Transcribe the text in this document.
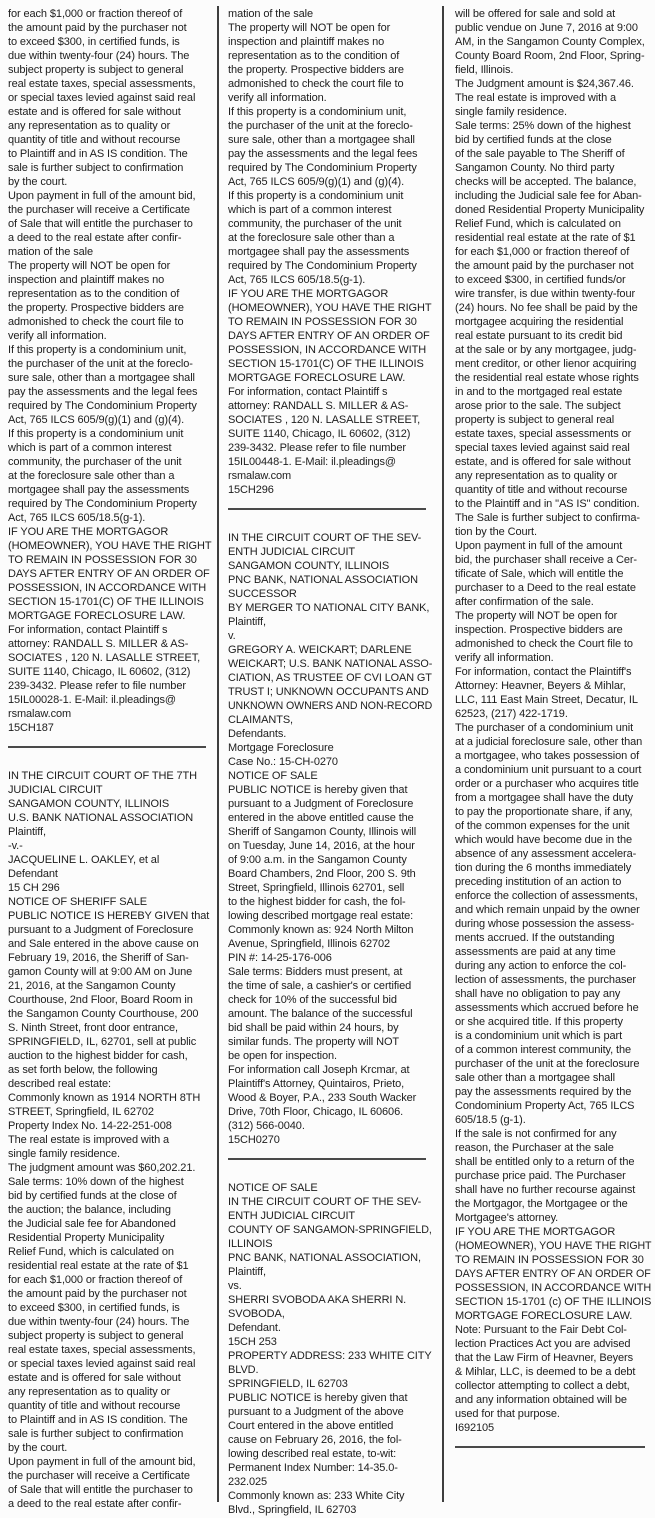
for each $1,000 or fraction thereof of
the amount paid by the purchaser not
to exceed $300, in certified funds, is
due within twenty-four (24) hours. The
subject property is subject to general
real estate taxes, special assessments,
or special taxes levied against said real
estate and is offered for sale without
any representation as to quality or
quantity of title and without recourse
to Plaintiff and in AS IS condition. The
sale is further subject to confirmation
by the court.
Upon payment in full of the amount bid,
the purchaser will receive a Certificate
of Sale that will entitle the purchaser to
a deed to the real estate after confir-
mation of the sale
The property will NOT be open for
inspection and plaintiff makes no
representation as to the condition of
the property. Prospective bidders are
admonished to check the court file to
verify all information.
If this property is a condominium unit,
the purchaser of the unit at the foreclo-
sure sale, other than a mortgagee shall
pay the assessments and the legal fees
required by The Condominium Property
Act, 765 ILCS 605/9(g)(1) and (g)(4).
If this property is a condominium unit
which is part of a common interest
community, the purchaser of the unit
at the foreclosure sale other than a
mortgagee shall pay the assessments
required by The Condominium Property
Act, 765 ILCS 605/18.5(g-1).
IF YOU ARE THE MORTGAGOR
(HOMEOWNER), YOU HAVE THE RIGHT
TO REMAIN IN POSSESSION FOR 30
DAYS AFTER ENTRY OF AN ORDER OF
POSSESSION, IN ACCORDANCE WITH
SECTION 15-1701(C) OF THE ILLINOIS
MORTGAGE FORECLOSURE LAW.
For information, contact Plaintiff s
attorney: RANDALL S. MILLER & AS-
SOCIATES , 120 N. LASALLE STREET,
SUITE 1140, Chicago, IL 60602, (312)
239-3432. Please refer to file number
15IL00028-1. E-Mail: il.pleadings@
rsmalaw.com
15CH187
IN THE CIRCUIT COURT OF THE 7TH
JUDICIAL CIRCUIT
SANGAMON COUNTY, ILLINOIS
U.S. BANK NATIONAL ASSOCIATION
Plaintiff,
-v.-
JACQUELINE L. OAKLEY, et al
Defendant
15 CH 296
NOTICE OF SHERIFF SALE
PUBLIC NOTICE IS HEREBY GIVEN that
pursuant to a Judgment of Foreclosure
and Sale entered in the above cause on
February 19, 2016, the Sheriff of San-
gamon County will at 9:00 AM on June
21, 2016, at the Sangamon County
Courthouse, 2nd Floor, Board Room in
the Sangamon County Courthouse, 200
S. Ninth Street, front door entrance,
SPRINGFIELD, IL, 62701, sell at public
auction to the highest bidder for cash,
as set forth below, the following
described real estate:
Commonly known as 1914 NORTH 8TH
STREET, Springfield, IL 62702
Property Index No. 14-22-251-008
The real estate is improved with a
single family residence.
The judgment amount was $60,202.21.
Sale terms: 10% down of the highest
bid by certified funds at the close of
the auction; the balance, including
the Judicial sale fee for Abandoned
Residential Property Municipality
Relief Fund, which is calculated on
residential real estate at the rate of $1
for each $1,000 or fraction thereof of
the amount paid by the purchaser not
to exceed $300, in certified funds, is
due within twenty-four (24) hours. The
subject property is subject to general
real estate taxes, special assessments,
or special taxes levied against said real
estate and is offered for sale without
any representation as to quality or
quantity of title and without recourse
to Plaintiff and in AS IS condition. The
sale is further subject to confirmation
by the court.
Upon payment in full of the amount bid,
the purchaser will receive a Certificate
of Sale that will entitle the purchaser to
a deed to the real estate after confir-
mation of the sale
The property will NOT be open for
inspection and plaintiff makes no
representation as to the condition of
the property. Prospective bidders are
admonished to check the court file to
verify all information.
If this property is a condominium unit,
the purchaser of the unit at the foreclo-
sure sale, other than a mortgagee shall
pay the assessments and the legal fees
required by The Condominium Property
Act, 765 ILCS 605/9(g)(1) and (g)(4).
If this property is a condominium unit
which is part of a common interest
community, the purchaser of the unit
at the foreclosure sale other than a
mortgagee shall pay the assessments
required by The Condominium Property
Act, 765 ILCS 605/18.5(g-1).
IF YOU ARE THE MORTGAGOR
(HOMEOWNER), YOU HAVE THE RIGHT
TO REMAIN IN POSSESSION FOR 30
DAYS AFTER ENTRY OF AN ORDER OF
POSSESSION, IN ACCORDANCE WITH
SECTION 15-1701(C) OF THE ILLINOIS
MORTGAGE FORECLOSURE LAW.
For information, contact Plaintiff s
attorney: RANDALL S. MILLER & AS-
SOCIATES , 120 N. LASALLE STREET,
SUITE 1140, Chicago, IL 60602, (312)
239-3432. Please refer to file number
15IL00448-1. E-Mail: il.pleadings@
rsmalaw.com
15CH296
IN THE CIRCUIT COURT OF THE SEV-
ENTH JUDICIAL CIRCUIT
SANGAMON COUNTY, ILLINOIS
PNC BANK, NATIONAL ASSOCIATION
SUCCESSOR
BY MERGER TO NATIONAL CITY BANK,
Plaintiff,
v.
GREGORY A. WEICKART; DARLENE
WEICKART; U.S. BANK NATIONAL ASSO-
CIATION, AS TRUSTEE OF CVI LOAN GT
TRUST I; UNKNOWN OCCUPANTS AND
UNKNOWN OWNERS AND NON-RECORD
CLAIMANTS,
Defendants.
Mortgage Foreclosure
Case No.: 15-CH-0270
NOTICE OF SALE
PUBLIC NOTICE is hereby given that
pursuant to a Judgment of Foreclosure
entered in the above entitled cause the
Sheriff of Sangamon County, Illinois will
on Tuesday, June 14, 2016, at the hour
of 9:00 a.m. in the Sangamon County
Board Chambers, 2nd Floor, 200 S. 9th
Street, Springfield, Illinois 62701, sell
to the highest bidder for cash, the fol-
lowing described mortgage real estate:
Commonly known as: 924 North Milton
Avenue, Springfield, Illinois 62702
PIN #: 14-25-176-006
Sale terms: Bidders must present, at
the time of sale, a cashier's or certified
check for 10% of the successful bid
amount. The balance of the successful
bid shall be paid within 24 hours, by
similar funds. The property will NOT
be open for inspection.
For information call Joseph Krcmar, at
Plaintiff's Attorney, Quintairos, Prieto,
Wood & Boyer, P.A., 233 South Wacker
Drive, 70th Floor, Chicago, IL 60606.
(312) 566-0040.
15CH0270
NOTICE OF SALE
IN THE CIRCUIT COURT OF THE SEV-
ENTH JUDICIAL CIRCUIT
COUNTY OF SANGAMON-SPRINGFIELD,
ILLINOIS
PNC BANK, NATIONAL ASSOCIATION,
Plaintiff,
vs.
SHERRI SVOBODA AKA SHERRI N.
SVOBODA,
Defendant.
15CH 253
PROPERTY ADDRESS: 233 WHITE CITY
BLVD.
SPRINGFIELD, IL 62703
PUBLIC NOTICE is hereby given that
pursuant to a Judgment of the above
Court entered in the above entitled
cause on February 26, 2016, the fol-
lowing described real estate, to-wit:
Permanent Index Number: 14-35.0-
232.025
Commonly known as: 233 White City
Blvd., Springfield, IL 62703
will be offered for sale and sold at
public vendue on June 7, 2016 at 9:00
AM, in the Sangamon County Complex,
County Board Room, 2nd Floor, Spring-
field, Illinois.
The Judgment amount is $24,367.46.
The real estate is improved with a
single family residence.
Sale terms: 25% down of the highest
bid by certified funds at the close
of the sale payable to The Sheriff of
Sangamon County. No third party
checks will be accepted. The balance,
including the Judicial sale fee for Aban-
doned Residential Property Municipality
Relief Fund, which is calculated on
residential real estate at the rate of $1
for each $1,000 or fraction thereof of
the amount paid by the purchaser not
to exceed $300, in certified funds/or
wire transfer, is due within twenty-four
(24) hours. No fee shall be paid by the
mortgagee acquiring the residential
real estate pursuant to its credit bid
at the sale or by any mortgagee, judg-
ment creditor, or other lienor acquiring
the residential real estate whose rights
in and to the mortgaged real estate
arose prior to the sale. The subject
property is subject to general real
estate taxes, special assessments or
special taxes levied against said real
estate, and is offered for sale without
any representation as to quality or
quantity of title and without recourse
to the Plaintiff and in "AS IS" condition.
The Sale is further subject to confirma-
tion by the Court.
Upon payment in full of the amount
bid, the purchaser shall receive a Cer-
tificate of Sale, which will entitle the
purchaser to a Deed to the real estate
after confirmation of the sale.
The property will NOT be open for
inspection. Prospective bidders are
admonished to check the Court file to
verify all information.
For information, contact the Plaintiff's
Attorney: Heavner, Beyers & Mihlar,
LLC, 111 East Main Street, Decatur, IL
62523, (217) 422-1719.
The purchaser of a condominium unit
at a judicial foreclosure sale, other than
a mortgagee, who takes possession of
a condominium unit pursuant to a court
order or a purchaser who acquires title
from a mortgagee shall have the duty
to pay the proportionate share, if any,
of the common expenses for the unit
which would have become due in the
absence of any assessment accelera-
tion during the 6 months immediately
preceding institution of an action to
enforce the collection of assessments,
and which remain unpaid by the owner
during whose possession the assess-
ments accrued. If the outstanding
assessments are paid at any time
during any action to enforce the col-
lection of assessments, the purchaser
shall have no obligation to pay any
assessments which accrued before he
or she acquired title. If this property
is a condominium unit which is part
of a common interest community, the
purchaser of the unit at the foreclosure
sale other than a mortgagee shall
pay the assessments required by the
Condominium Property Act, 765 ILCS
605/18.5 (g-1).
If the sale is not confirmed for any
reason, the Purchaser at the sale
shall be entitled only to a return of the
purchase price paid. The Purchaser
shall have no further recourse against
the Mortgagor, the Mortgagee or the
Mortgagee's attorney.
IF YOU ARE THE MORTGAGOR
(HOMEOWNER), YOU HAVE THE RIGHT
TO REMAIN IN POSSESSION FOR 30
DAYS AFTER ENTRY OF AN ORDER OF
POSSESSION, IN ACCORDANCE WITH
SECTION 15-1701 (c) OF THE ILLINOIS
MORTGAGE FORECLOSURE LAW.
Note: Pursuant to the Fair Debt Col-
lection Practices Act you are advised
that the Law Firm of Heavner, Beyers
& Mihlar, LLC, is deemed to be a debt
collector attempting to collect a debt,
and any information obtained will be
used for that purpose.
I692105
